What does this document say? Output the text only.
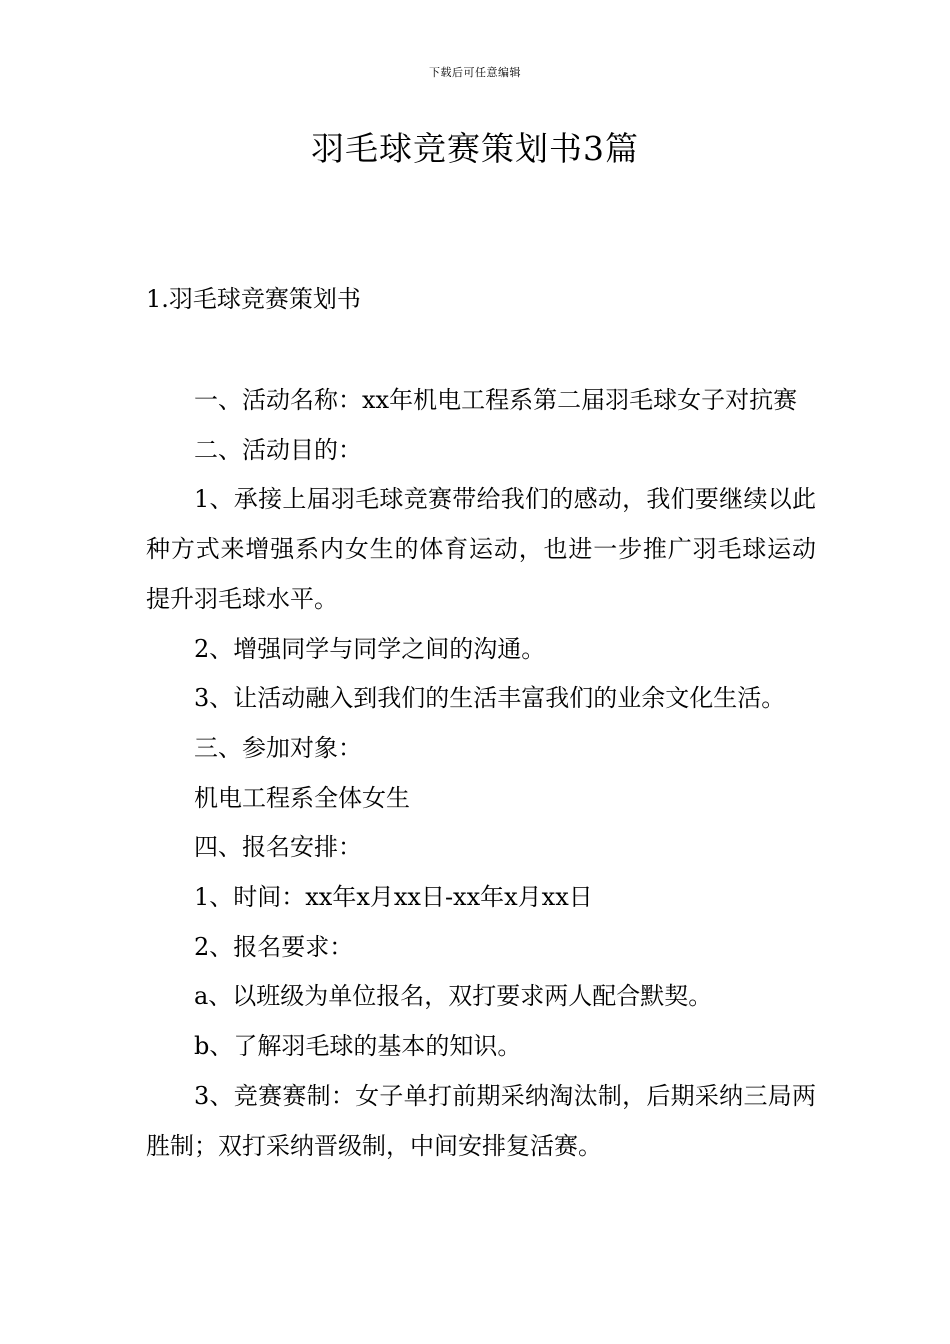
下载后可任意编辑
羽毛球竞赛策划书3篇
1.羽毛球竞赛策划书

一、活动名称：xx年机电工程系第二届羽毛球女子对抗赛

二、活动目的：

1、承接上届羽毛球竞赛带给我们的感动，我们要继续以此种方式来增强系内女生的体育运动，也进一步推广羽毛球运动提升羽毛球水平。

2、增强同学与同学之间的沟通。

3、让活动融入到我们的生活丰富我们的业余文化生活。

三、参加对象：

机电工程系全体女生

四、报名安排：

1、时间：xx年x月xx日-xx年x月xx日

2、报名要求：

a、以班级为单位报名，双打要求两人配合默契。

b、了解羽毛球的基本的知识。

3、竞赛赛制：女子单打前期采纳淘汰制，后期采纳三局两胜制；双打采纳晋级制，中间安排复活赛。
